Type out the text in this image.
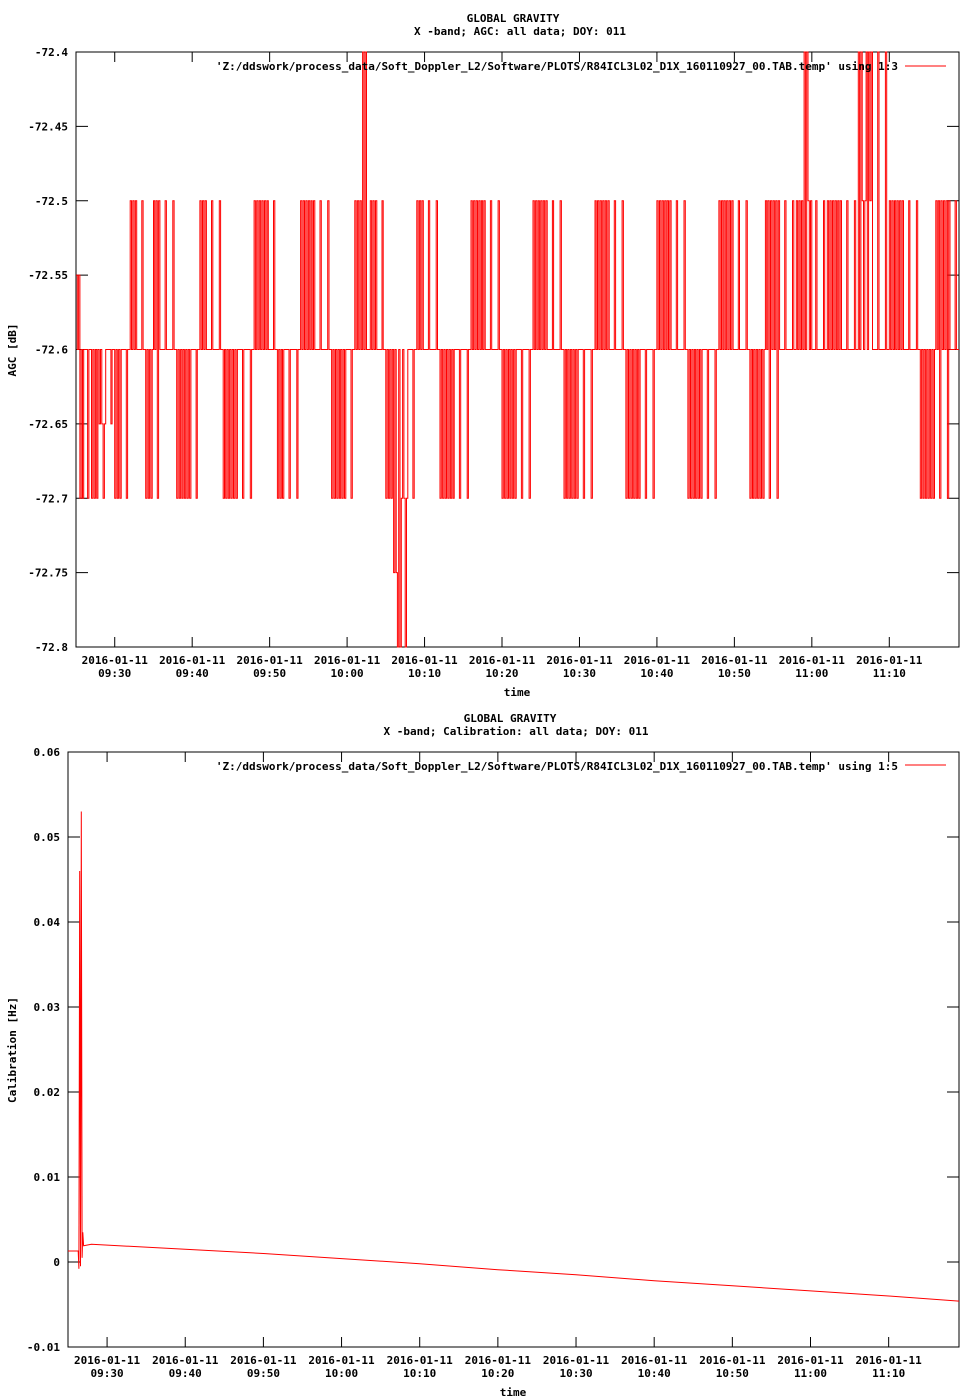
GLOBAL GRAVITY
X -band; AGC: all data; DOY: 011
-72.4
-72.45
-72.5
-72.55
-72.6
-72.65
-72.7
-72.75
-72.8
2016-01-11
09:30
2016-01-11
09:40
2016-01-11
09:50
2016-01-11
10:00
2016-01-11
10:10
2016-01-11
10:20
2016-01-11
10:30
2016-01-11
10:40
2016-01-11
10:50
2016-01-11
11:00
2016-01-11
11:10
'Z:/ddswork/process_data/Soft_Doppler_L2/Software/PLOTS/R84ICL3L02_D1X_160110927_00.TAB.temp' using 1:3
AGC [dB]
time
GLOBAL GRAVITY
X -band; Calibration: all data; DOY: 011
0.06
0.05
0.04
0.03
0.02
0.01
0
-0.01
2016-01-11
09:30
2016-01-11
09:40
2016-01-11
09:50
2016-01-11
10:00
2016-01-11
10:10
2016-01-11
10:20
2016-01-11
10:30
2016-01-11
10:40
2016-01-11
10:50
2016-01-11
11:00
2016-01-11
11:10
'Z:/ddswork/process_data/Soft_Doppler_L2/Software/PLOTS/R84ICL3L02_D1X_160110927_00.TAB.temp' using 1:5
Calibration [Hz]
time
